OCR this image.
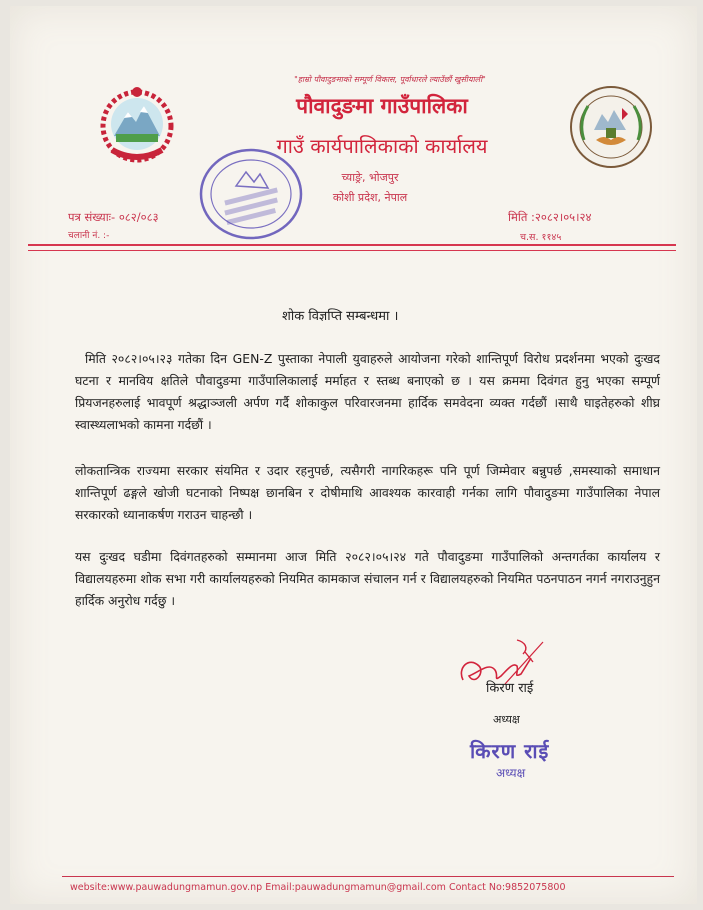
"हाम्रो पौवादुङमाको सम्पूर्ण विकास, पूर्वाधारले ल्याउँछौं खुसीयाली"
पौवादुङमा गाउँपालिका
गाउँ कार्यपालिकाको कार्यालय
च्याङ्रे, भोजपुर
कोशी प्रदेश, नेपाल
पत्र संख्याः- ०८२/०८३
चलानी नं. :-
मिति :२०८२।०५।२४
च.स. ११४५
शोक विज्ञप्ति सम्बन्धमा ।
मिति २०८२।०५।२३ गतेका दिन GEN-Z पुस्ताका नेपाली युवाहरुले आयोजना गरेको शान्तिपूर्ण विरोध प्रदर्शनमा भएको दुःखद घटना र मानविय क्षतिले पौवादुङमा गाउँपालिकालाई मर्माहत र स्तब्ध बनाएको छ । यस क्रममा दिवंगत हुनु भएका सम्पूर्ण प्रियजनहरुलाई भावपूर्ण श्रद्धाञ्जली अर्पण गर्दै शोकाकुल परिवारजनमा हार्दिक समवेदना व्यक्त गर्दछौं ।साथै घाइतेहरुको शीघ्र स्वास्थ्यलाभको कामना गर्दछौं ।
लोकतान्त्रिक राज्यमा सरकार संयमित र उदार रहनुपर्छ, त्यसैगरी नागरिकहरू पनि पूर्ण जिम्मेवार बन्नुपर्छ ,समस्याको समाधान शान्तिपूर्ण ढङ्गले खोजी घटनाको निष्पक्ष छानबिन र दोषीमाथि आवश्यक कारवाही गर्नका लागि पौवादुङमा गाउँपालिका नेपाल सरकारको ध्यानाकर्षण गराउन चाहन्छौ ।
यस दुःखद घडीमा दिवंगतहरुको सम्मानमा आज मिति २०८२।०५।२४ गते पौवादुङमा गाउँपालिको अन्तगर्तका कार्यालय र विद्यालयहरुमा शोक सभा गरी कार्यालयहरुको नियमित कामकाज संचालन गर्न र विद्यालयहरुको नियमित पठनपाठन नगर्न नगराउनुहुन हार्दिक अनुरोध गर्दछु ।
किरण राई
अध्यक्ष
किरण राई
अध्यक्ष
website:www.pauwadungmamun.gov.np Email:pauwadungmamun@gmail.com Contact No:9852075800
